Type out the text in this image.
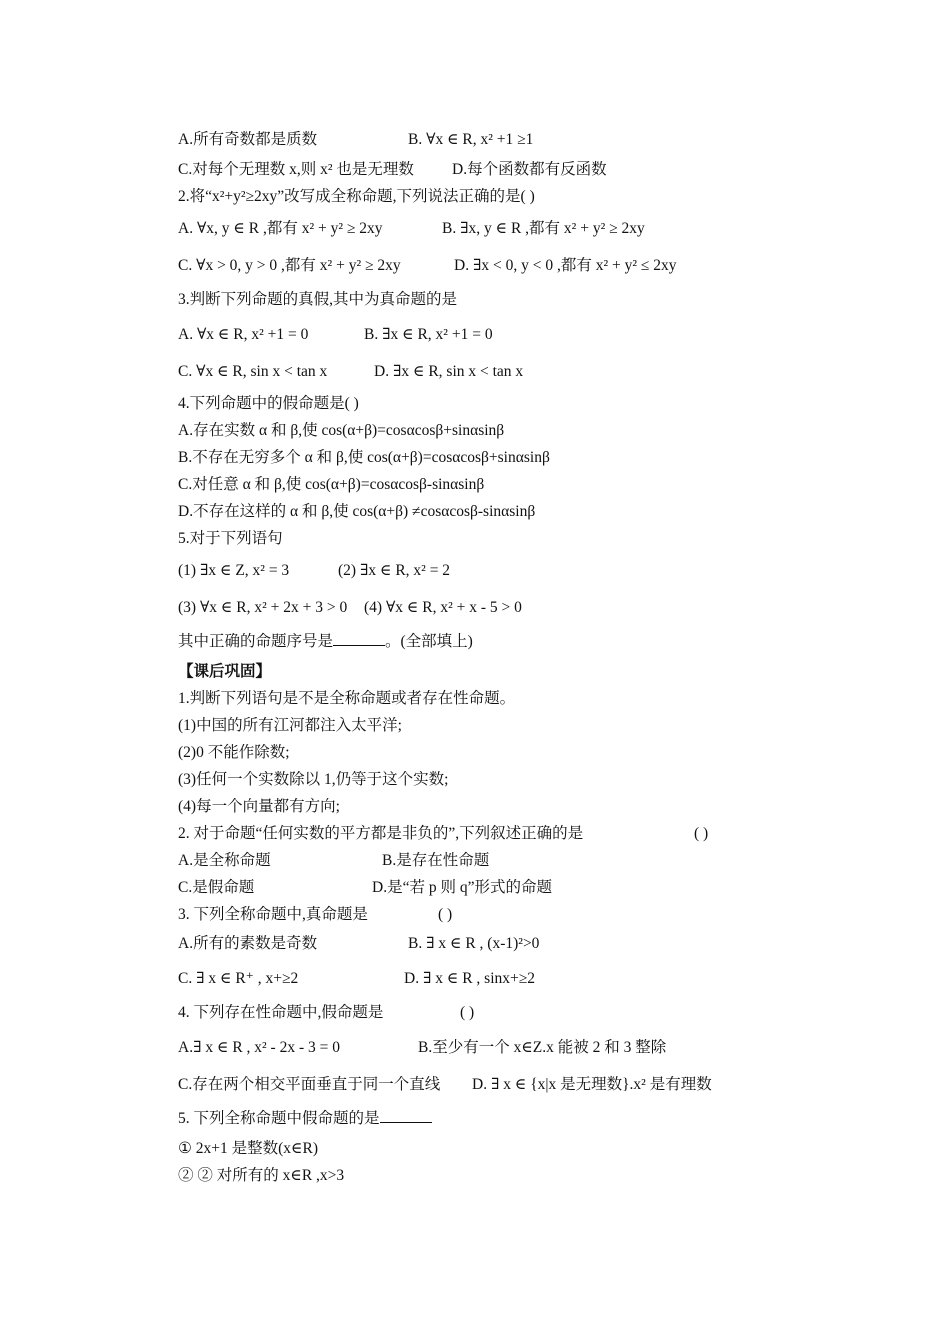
A.所有奇数都是质数	B. ∀x ∈ R, x² +1 ≥1
C.对每个无理数 x,则 x² 也是无理数 D.每个函数都有反函数
2.将“x²+y²≥2xy”改写成全称命题,下列说法正确的是( )
A. ∀x, y ∈ R ,都有 x² + y² ≥ 2xy	B. ∃x, y ∈ R ,都有 x² + y² ≥ 2xy
C. ∀x > 0, y > 0 ,都有 x² + y² ≥ 2xy	D. ∃x < 0, y < 0 ,都有 x² + y² ≤ 2xy
3.判断下列命题的真假,其中为真命题的是
A. ∀x ∈ R, x² +1 = 0	B. ∃x ∈ R, x² +1 = 0
C. ∀x ∈ R, sin x < tan x	D. ∃x ∈ R, sin x < tan x
4.下列命题中的假命题是( )
A.存在实数 α 和 β,使 cos(α+β)=cosαcosβ+sinαsinβ
B.不存在无穷多个 α 和 β,使 cos(α+β)=cosαcosβ+sinαsinβ
C.对任意 α 和 β,使 cos(α+β)=cosαcosβ-sinαsinβ
D.不存在这样的 α 和 β,使 cos(α+β) ≠cosαcosβ-sinαsinβ
5.对于下列语句
(1) ∃x ∈ Z, x² = 3	(2) ∃x ∈ R, x² = 2
(3) ∀x ∈ R, x² + 2x + 3 > 0 (4) ∀x ∈ R, x² + x - 5 > 0
其中正确的命题序号是	。(全部填上)
【课后巩固】
1.判断下列语句是不是全称命题或者存在性命题。
(1)中国的所有江河都注入太平洋;
(2)0 不能作除数;
(3)任何一个实数除以 1,仍等于这个实数;
(4)每一个向量都有方向;
2. 对于命题“任何实数的平方都是非负的”,下列叙述正确的是	( )
A.是全称命题	B.是存在性命题
C.是假命题	D.是“若 p 则 q”形式的命题
3. 下列全称命题中,真命题是	( )
A.所有的素数是奇数	B. ∃ x ∈ R , (x-1)²>0
C. ∃ x ∈ R⁺ , x+≥2	D. ∃ x ∈ R , sinx+≥2
4. 下列存在性命题中,假命题是	( )
A.∃ x ∈ R , x² - 2x - 3 = 0	B.至少有一个 x∈Z.x 能被 2 和 3 整除
C.存在两个相交平面垂直于同一个直线 D. ∃ x ∈ {x|x 是无理数}.x² 是有理数
5. 下列全称命题中假命题的是
① 2x+1 是整数(x∈R)
② ② 对所有的 x∈R ,x>3
